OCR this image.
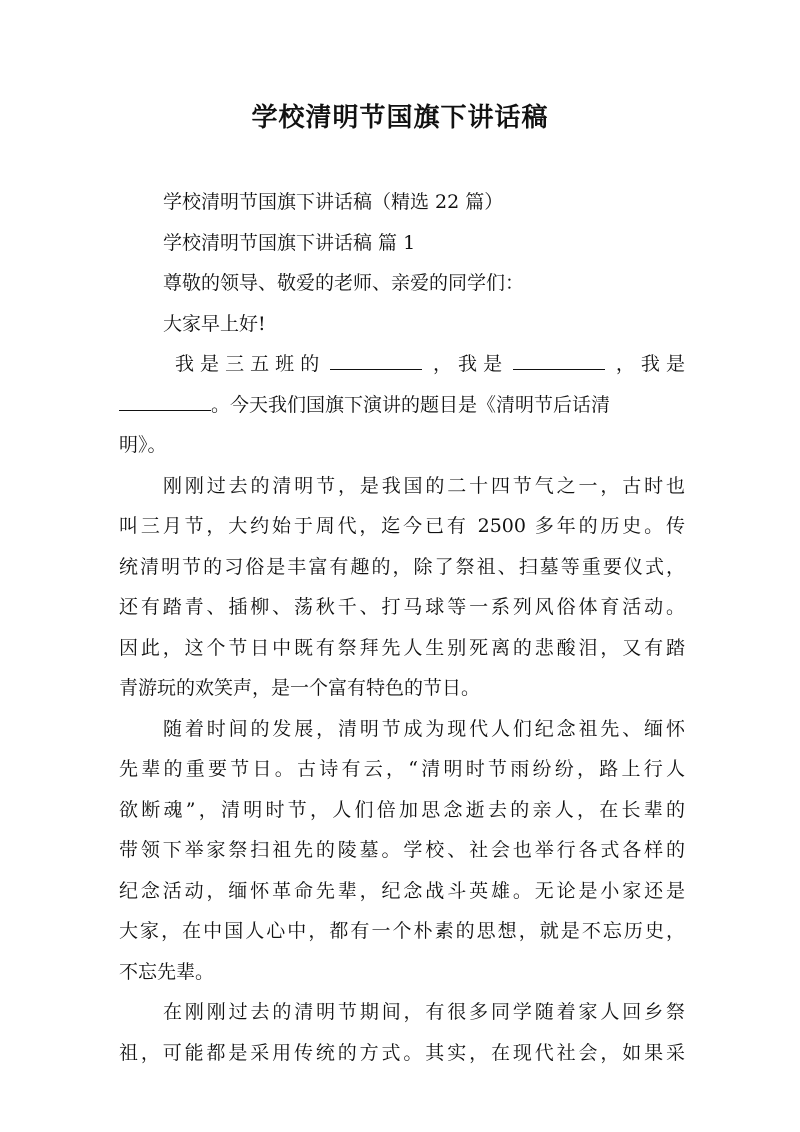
学校清明节国旗下讲话稿
学校清明节国旗下讲话稿（精选 22 篇）
学校清明节国旗下讲话稿 篇 1
尊敬的领导、敬爱的老师、亲爱的同学们：
大家早上好!
我 是 三 五 班 的	， 我 是	， 我 是
。今天我们国旗下演讲的题目是《清明节后话清
明》。
刚刚过去的清明节，是我国的二十四节气之一，古时也
叫三月节，大约始于周代，迄今已有 2500 多年的历史。传
统清明节的习俗是丰富有趣的，除了祭祖、扫墓等重要仪式，
还有踏青、插柳、荡秋千、打马球等一系列风俗体育活动。
因此，这个节日中既有祭拜先人生别死离的悲酸泪，又有踏
青游玩的欢笑声，是一个富有特色的节日。
随着时间的发展，清明节成为现代人们纪念祖先、缅怀
先辈的重要节日。古诗有云，“清明时节雨纷纷，路上行人
欲断魂”，清明时节，人们倍加思念逝去的亲人，在长辈的
带领下举家祭扫祖先的陵墓。学校、社会也举行各式各样的
纪念活动，缅怀革命先辈，纪念战斗英雄。无论是小家还是
大家，在中国人心中，都有一个朴素的思想，就是不忘历史，
不忘先辈。
在刚刚过去的清明节期间，有很多同学随着家人回乡祭
祖，可能都是采用传统的方式。其实，在现代社会，如果采
